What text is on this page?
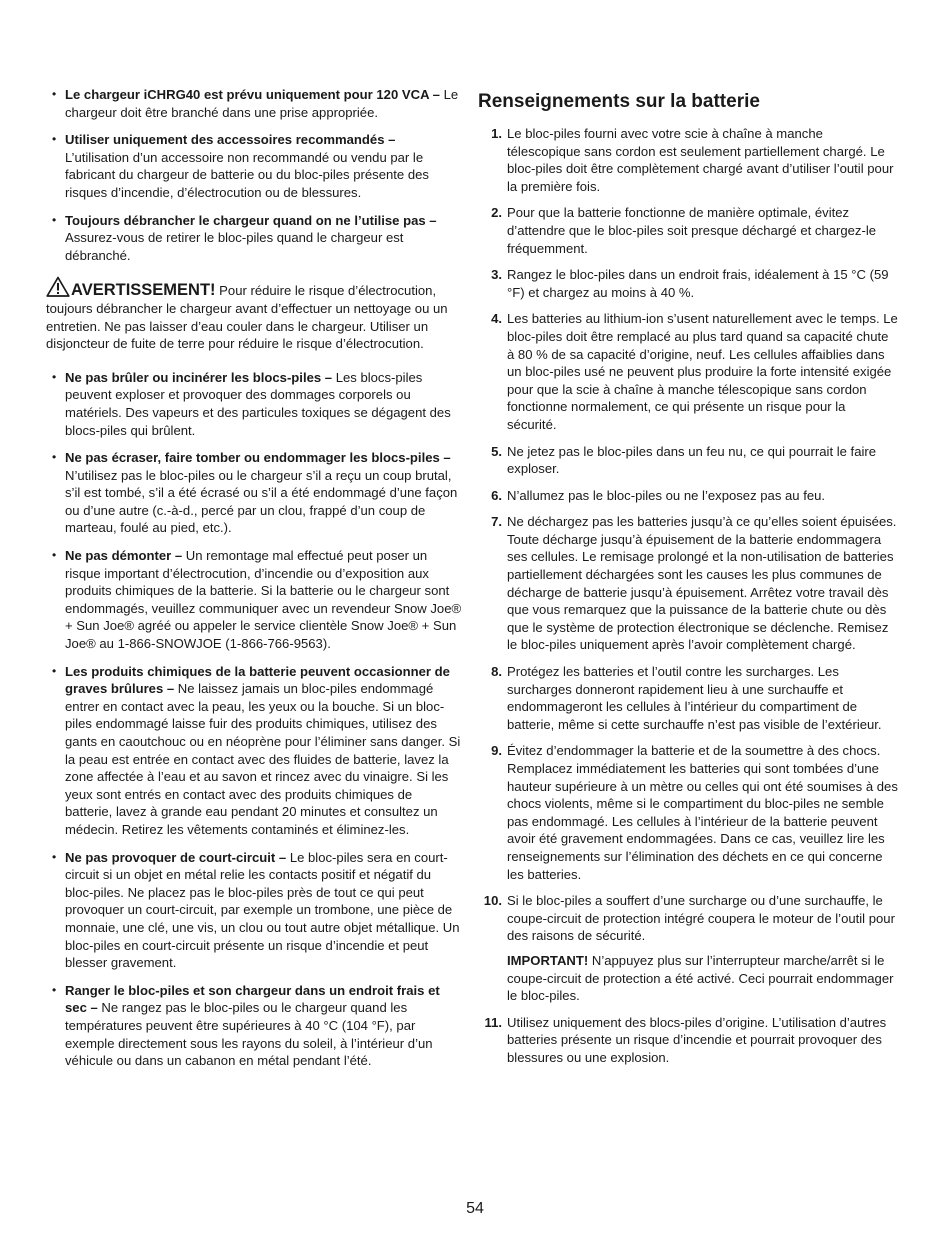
• Le chargeur iCHRG40 est prévu uniquement pour 120 VCA – Le chargeur doit être branché dans une prise appropriée.
• Utiliser uniquement des accessoires recommandés – L’utilisation d’un accessoire non recommandé ou vendu par le fabricant du chargeur de batterie ou du bloc-piles présente des risques d’incendie, d’électrocution ou de blessures.
• Toujours débrancher le chargeur quand on ne l’utilise pas – Assurez-vous de retirer le bloc-piles quand le chargeur est débranché.
AVERTISSEMENT! Pour réduire le risque d’électrocution, toujours débrancher le chargeur avant d’effectuer un nettoyage ou un entretien. Ne pas laisser d’eau couler dans le chargeur. Utiliser un disjoncteur de fuite de terre pour réduire le risque d’électrocution.
• Ne pas brûler ou incinérer les blocs-piles – Les blocs-piles peuvent exploser et provoquer des dommages corporels ou matériels. Des vapeurs et des particules toxiques se dégagent des blocs-piles qui brûlent.
• Ne pas écraser, faire tomber ou endommager les blocs-piles – N’utilisez pas le bloc-piles ou le chargeur s’il a reçu un coup brutal, s’il est tombé, s’il a été écrasé ou s’il a été endommagé d’une façon ou d’une autre (c.-à-d., percé par un clou, frappé d’un coup de marteau, foulé au pied, etc.).
• Ne pas démonter – Un remontage mal effectué peut poser un risque important d’électrocution, d’incendie ou d’exposition aux produits chimiques de la batterie. Si la batterie ou le chargeur sont endommagés, veuillez communiquer avec un revendeur Snow Joe® + Sun Joe® agréé ou appeler le service clientèle Snow Joe® + Sun Joe® au 1-866-SNOWJOE (1-866-766-9563).
• Les produits chimiques de la batterie peuvent occasionner de graves brûlures – Ne laissez jamais un bloc-piles endommagé entrer en contact avec la peau, les yeux ou la bouche. Si un bloc-piles endommagé laisse fuir des produits chimiques, utilisez des gants en caoutchouc ou en néoprène pour l’éliminer sans danger. Si la peau est entrée en contact avec des fluides de batterie, lavez la zone affectée à l’eau et au savon et rincez avec du vinaigre. Si les yeux sont entrés en contact avec des produits chimiques de batterie, lavez à grande eau pendant 20 minutes et consultez un médecin. Retirez les vêtements contaminés et éliminez-les.
• Ne pas provoquer de court-circuit – Le bloc-piles sera en court-circuit si un objet en métal relie les contacts positif et négatif du bloc-piles. Ne placez pas le bloc-piles près de tout ce qui peut provoquer un court-circuit, par exemple un trombone, une pièce de monnaie, une clé, une vis, un clou ou tout autre objet métallique. Un bloc-piles en court-circuit présente un risque d’incendie et peut blesser gravement.
• Ranger le bloc-piles et son chargeur dans un endroit frais et sec – Ne rangez pas le bloc-piles ou le chargeur quand les températures peuvent être supérieures à 40 °C (104 °F), par exemple directement sous les rayons du soleil, à l’intérieur d’un véhicule ou dans un cabanon en métal pendant l’été.
Renseignements sur la batterie
1. Le bloc-piles fourni avec votre scie à chaîne à manche télescopique sans cordon est seulement partiellement chargé. Le bloc-piles doit être complètement chargé avant d’utiliser l’outil pour la première fois.
2. Pour que la batterie fonctionne de manière optimale, évitez d’attendre que le bloc-piles soit presque déchargé et chargez-le fréquemment.
3. Rangez le bloc-piles dans un endroit frais, idéalement à 15 °C (59 °F) et chargez au moins à 40 %.
4. Les batteries au lithium-ion s’usent naturellement avec le temps. Le bloc-piles doit être remplacé au plus tard quand sa capacité chute à 80 % de sa capacité d’origine, neuf. Les cellules affaiblies dans un bloc-piles usé ne peuvent plus produire la forte intensité exigée pour que la scie à chaîne à manche télescopique sans cordon fonctionne normalement, ce qui présente un risque pour la sécurité.
5. Ne jetez pas le bloc-piles dans un feu nu, ce qui pourrait le faire exploser.
6. N’allumez pas le bloc-piles ou ne l’exposez pas au feu.
7. Ne déchargez pas les batteries jusqu’à ce qu’elles soient épuisées. Toute décharge jusqu’à épuisement de la batterie endommagera ses cellules. Le remisage prolongé et la non-utilisation de batteries partiellement déchargées sont les causes les plus communes de décharge de batterie jusqu’à épuisement. Arrêtez votre travail dès que vous remarquez que la puissance de la batterie chute ou dès que le système de protection électronique se déclenche. Remisez le bloc-piles uniquement après l’avoir complètement chargé.
8. Protégez les batteries et l’outil contre les surcharges. Les surcharges donneront rapidement lieu à une surchauffe et endommageront les cellules à l’intérieur du compartiment de batterie, même si cette surchauffe n’est pas visible de l’extérieur.
9. Évitez d’endommager la batterie et de la soumettre à des chocs. Remplacez immédiatement les batteries qui sont tombées d’une hauteur supérieure à un mètre ou celles qui ont été soumises à des chocs violents, même si le compartiment du bloc-piles ne semble pas endommagé. Les cellules à l’intérieur de la batterie peuvent avoir été gravement endommagées. Dans ce cas, veuillez lire les renseignements sur l’élimination des déchets en ce qui concerne les batteries.
10. Si le bloc-piles a souffert d’une surcharge ou d’une surchauffe, le coupe-circuit de protection intégré coupera le moteur de l’outil pour des raisons de sécurité.
IMPORTANT! N’appuyez plus sur l’interrupteur marche/arrêt si le coupe-circuit de protection a été activé. Ceci pourrait endommager le bloc-piles.
11. Utilisez uniquement des blocs-piles d’origine. L’utilisation d’autres batteries présente un risque d’incendie et pourrait provoquer des blessures ou une explosion.
54
